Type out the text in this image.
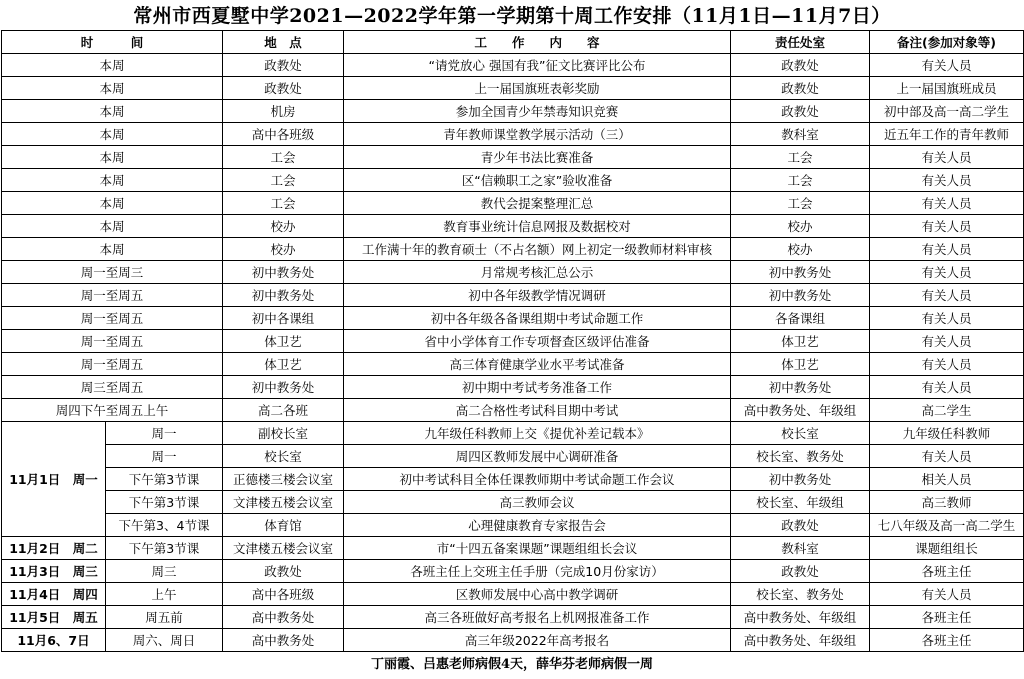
常州市西夏墅中学2021—2022学年第一学期第十周工作安排（11月1日—11月7日）
时　　　间		地　点	工　　作　　内　　容	责任处室	备注(参加对象等)
本周		政教处	“请党放心 强国有我”征文比赛评比公布	政教处	有关人员
本周		政教处	上一届国旗班表彰奖励	政教处	上一届国旗班成员
本周		机房	参加全国青少年禁毒知识竞赛	政教处	初中部及高一高二学生
本周		高中各班级	青年教师课堂教学展示活动（三）	教科室	近五年工作的青年教师
本周		工会	青少年书法比赛准备	工会	有关人员
本周		工会	区“信赖职工之家”验收准备	工会	有关人员
本周		工会	教代会提案整理汇总	工会	有关人员
本周		校办	教育事业统计信息网报及数据校对	校办	有关人员
本周		校办	工作满十年的教育硕士（不占名额）网上初定一级教师材料审核	校办	有关人员
周一至周三		初中教务处	月常规考核汇总公示	初中教务处	有关人员
周一至周五		初中教务处	初中各年级教学情况调研	初中教务处	有关人员
周一至周五		初中各课组	初中各年级各备课组期中考试命题工作	各备课组	有关人员
周一至周五		体卫艺	省中小学体育工作专项督查区级评估准备	体卫艺	有关人员
周一至周五		体卫艺	高三体育健康学业水平考试准备	体卫艺	有关人员
周三至周五		初中教务处	初中期中考试考务准备工作	初中教务处	有关人员
周四下午至周五上午		高二各班	高二合格性考试科目期中考试	高中教务处、年级组	高二学生
11月1日　周一	周一	副校长室	九年级任科教师上交《提优补差记载本》	校长室	九年级任科教师
	周一	校长室	周四区教师发展中心调研准备	校长室、教务处	有关人员
	下午第3节课	正德楼三楼会议室	初中考试科目全体任课教师期中考试命题工作会议	初中教务处	相关人员
	下午第3节课	文津楼五楼会议室	高三教师会议	校长室、年级组	高三教师
	下午第3、4节课	体育馆	心理健康教育专家报告会	政教处	七八年级及高一高二学生
11月2日　周二	下午第3节课	文津楼五楼会议室	市“十四五备案课题”课题组组长会议	教科室	课题组组长
11月3日　周三	周三	政教处	各班主任上交班主任手册（完成10月份家访）	政教处	各班主任
11月4日　周四	上午	高中各班级	区教师发展中心高中教学调研	校长室、教务处	有关人员
11月5日　周五	周五前	高中教务处	高三各班做好高考报名上机网报准备工作	高中教务处、年级组	各班主任
11月6、7日	周六、周日	高中教务处	高三年级2022年高考报名	高中教务处、年级组	各班主任
丁丽霞、吕惠老师病假4天，薛华芬老师病假一周
